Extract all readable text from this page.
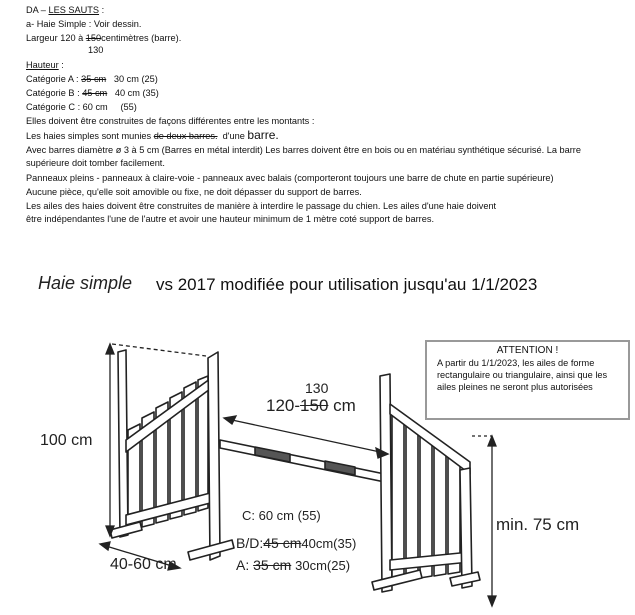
DA – LES SAUTS :
a- Haie Simple : Voir dessin.
Largeur 120 à 150centimètres (barre).
130
Hauteur :
Catégorie A : 35 cm 30 cm (25)
Catégorie B : 45 cm 40 cm (35)
Catégorie C : 60 cm (55)
Elles doivent être construites de façons différentes entre les montants :
Les haies simples sont munies de deux barres. d'une barre.
Avec barres diamètre ø 3 à 5 cm (Barres en métal interdit) Les barres doivent être en bois ou en matériau synthétique sécurisé. La barre
supérieure doit tomber facilement.
Panneaux pleins - panneaux à claire-voie - panneaux avec balais (comporteront toujours une barre de chute en partie supérieure)
Aucune pièce, qu'elle soit amovible ou fixe, ne doit dépasser du support de barres.
Les ailes des haies doivent être construites de manière à interdire le passage du chien. Les ailes d'une haie doivent
être indépendantes l'une de l'autre et avoir une hauteur minimum de 1 mètre coté support de barres.
Haie simple vs 2017 modifiée pour utilisation jusqu'au 1/1/2023
130
120-150 cm
100 cm
40-60 cm
min. 75 cm
C: 60 cm (55)
B/D:45 cm40cm(35)
A: 35 cm 30cm(25)
ATTENTION !
A partir du 1/1/2023, les ailes de forme rectangulaire ou triangulaire, ainsi que les ailes pleines ne seront plus autorisées
